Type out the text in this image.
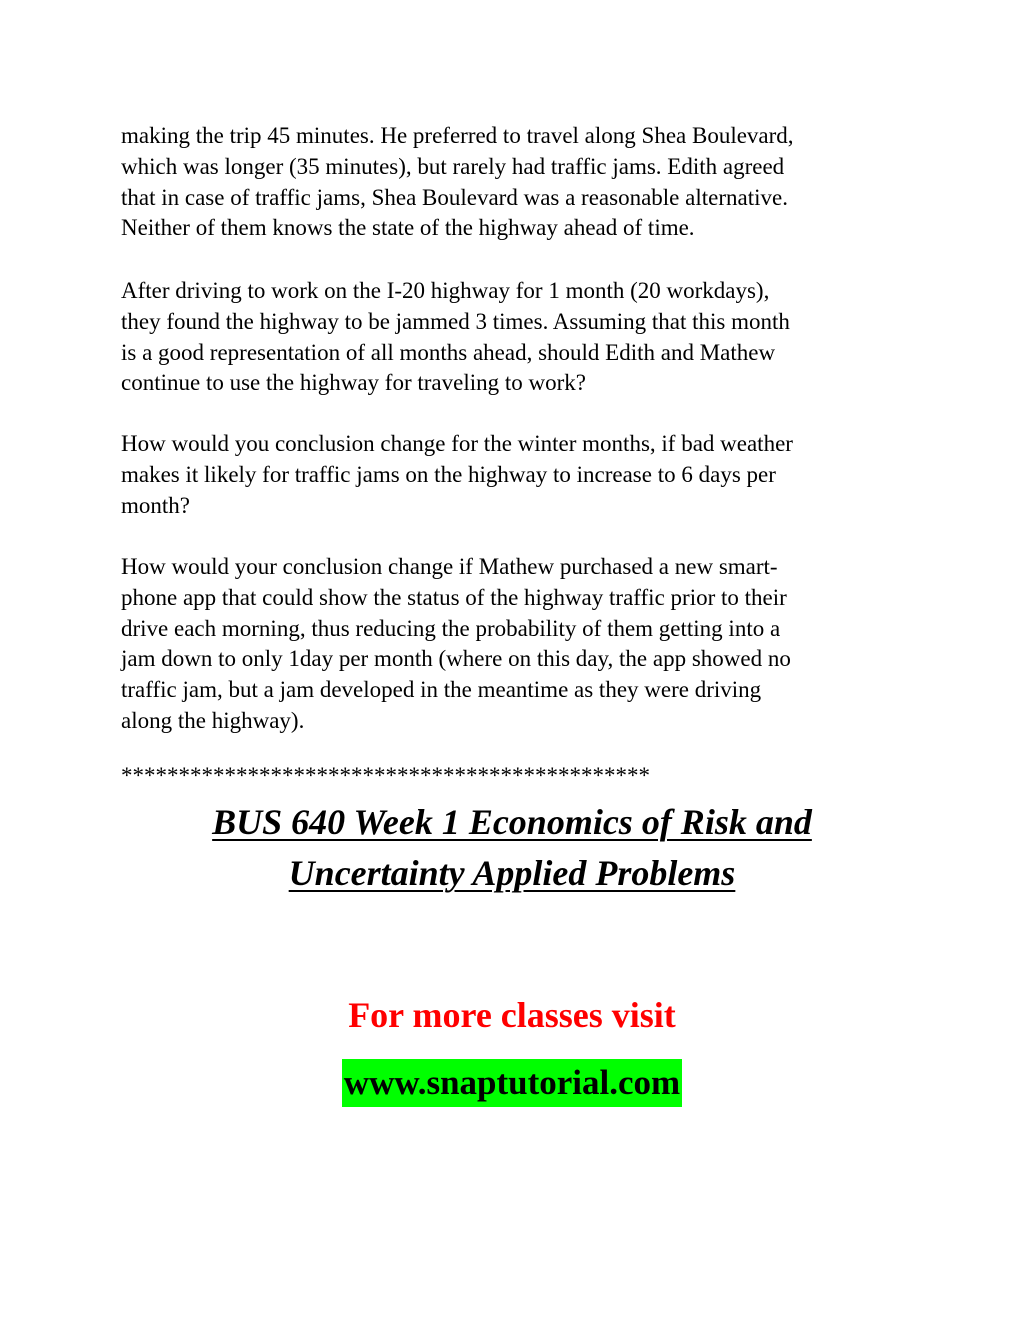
making the trip 45 minutes. He preferred to travel along Shea Boulevard,
which was longer (35 minutes), but rarely had traffic jams. Edith agreed
that in case of traffic jams, Shea Boulevard was a reasonable alternative.
Neither of them knows the state of the highway ahead of time.

After driving to work on the I-20 highway for 1 month (20 workdays),
they found the highway to be jammed 3 times. Assuming that this month
is a good representation of all months ahead, should Edith and Mathew
continue to use the highway for traveling to work?

How would you conclusion change for the winter months, if bad weather
makes it likely for traffic jams on the highway to increase to 6 days per
month?

How would your conclusion change if Mathew purchased a new smart-
phone app that could show the status of the highway traffic prior to their
drive each morning, thus reducing the probability of them getting into a
jam down to only 1day per month (where on this day, the app showed no
traffic jam, but a jam developed in the meantime as they were driving
along the highway).

**********************************************

BUS 640 Week 1 Economics of Risk and
Uncertainty Applied Problems

For more classes visit

www.snaptutorial.com
